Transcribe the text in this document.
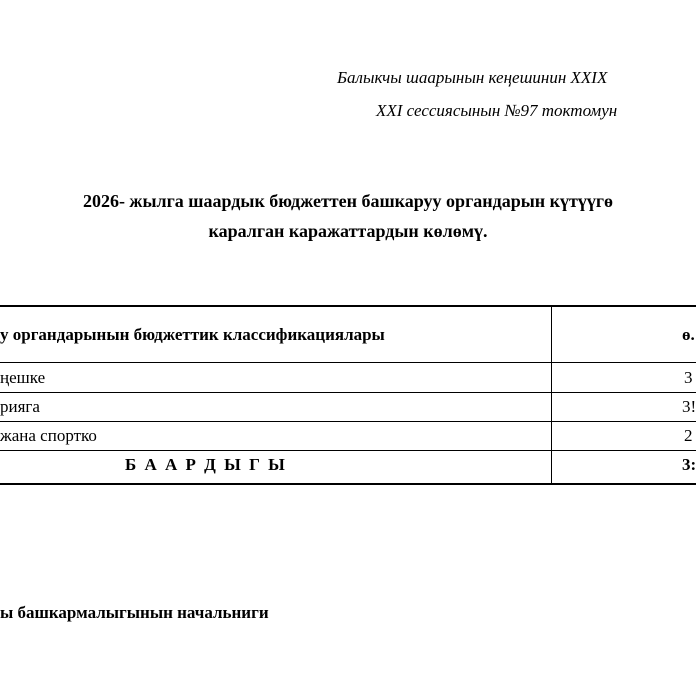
Балыкчы шаарынын кеңешинин XXIX
XXI сессиясынын №97 токтомун
2026- жылга шаардык бюджеттен башкаруу органдарын күтүүгө
каралган каражаттардын көлөмү.
у органдарынын бюджеттик классификациялары	ө.
ңешке	3
рияга	3!
жана спортко	2
Б А А Р Д Ы Г Ы	3:
ы башкармалыгынын начальниги
